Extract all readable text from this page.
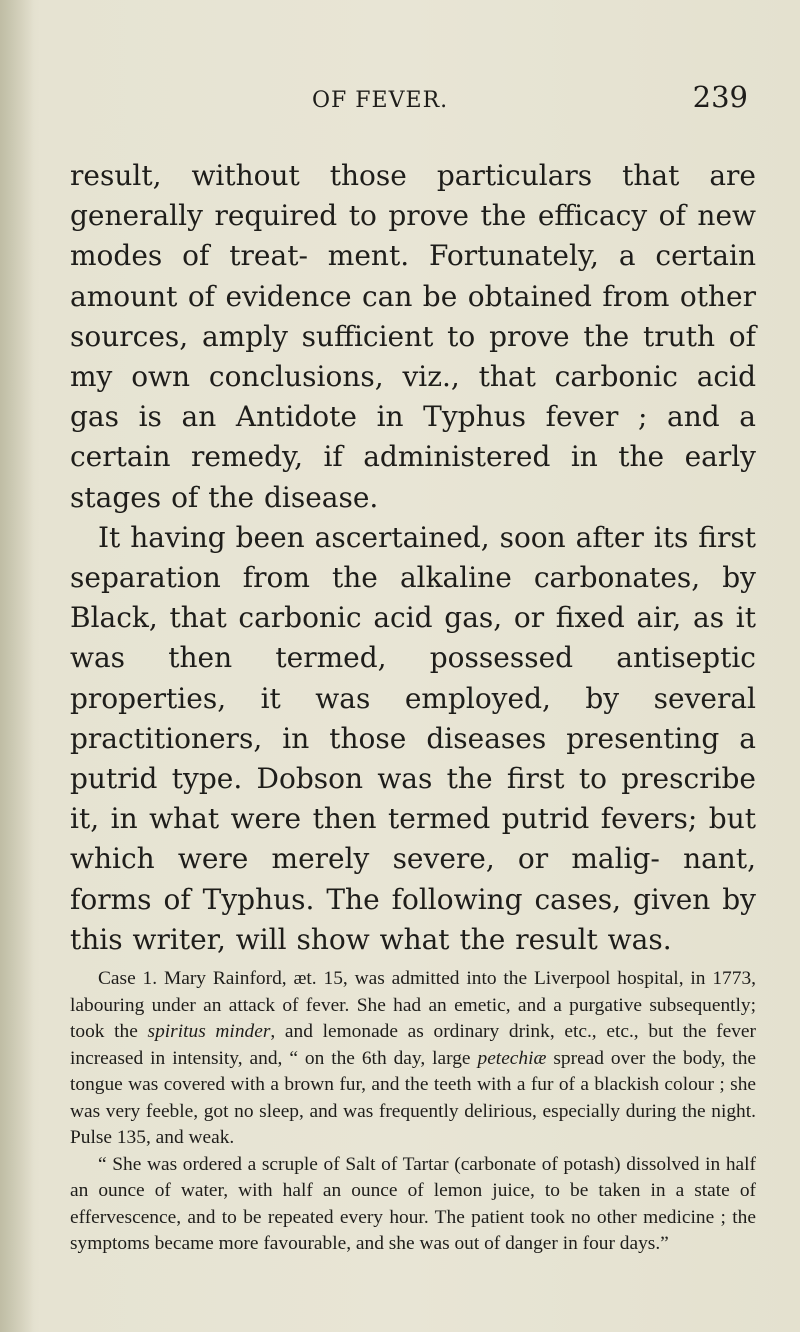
OF FEVER.	239

result, without those particulars that are generally required to prove the efficacy of new modes of treat- ment. Fortunately, a certain amount of evidence can be obtained from other sources, amply sufficient to prove the truth of my own conclusions, viz., that carbonic acid gas is an Antidote in Typhus fever ; and a certain remedy, if administered in the early stages of the disease.

It having been ascertained, soon after its first separation from the alkaline carbonates, by Black, that carbonic acid gas, or fixed air, as it was then termed, possessed antiseptic properties, it was employed, by several practitioners, in those diseases presenting a putrid type. Dobson was the first to prescribe it, in what were then termed putrid fevers; but which were merely severe, or malig- nant, forms of Typhus. The following cases, given by this writer, will show what the result was.

Case 1. Mary Rainford, æt. 15, was admitted into the Liverpool hospital, in 1773, labouring under an attack of fever. She had an emetic, and a purgative subsequently; took the spiritus minder, and lemonade as ordinary drink, etc., etc., but the fever increased in intensity, and, “ on the 6th day, large petechiæ spread over the body, the tongue was covered with a brown fur, and the teeth with a fur of a blackish colour ; she was very feeble, got no sleep, and was frequently delirious, especially during the night. Pulse 135, and weak.

“ She was ordered a scruple of Salt of Tartar (carbonate of potash) dissolved in half an ounce of water, with half an ounce of lemon juice, to be taken in a state of effervescence, and to be repeated every hour. The patient took no other medicine ; the symptoms became more favourable, and she was out of danger in four days.”
